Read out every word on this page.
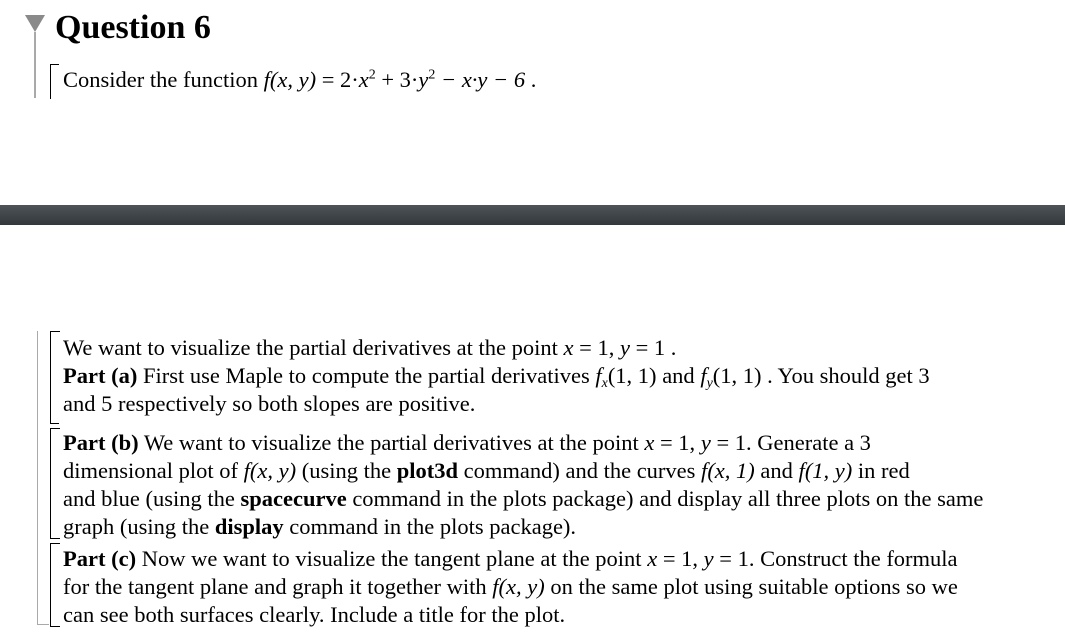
Question 6
Consider the function f(x, $y) = 2\cdot x^2 + 3\cdot y^2 - x\cdot y - 6$ .
We want to visualize the partial derivatives at the point x = 1, y = 1 .
Part (a) First use Maple to compute the partial derivatives $f_x(1$, 1) and $f_y(1$, 1) . You should get 3
and 5 respectively so both slopes are positive.
Part (b) We want to visualize the partial derivatives at the point x = 1, y = 1. Generate a 3
dimensional plot of f(x, y) (using the plot3d command) and the curves f(x, 1) and f(1, y) in red
and blue (using the spacecurve command in the plots package) and display all three plots on the same
graph (using the display command in the plots package).
Part (c) Now we want to visualize the tangent plane at the point x = 1, y = 1. Construct the formula
for the tangent plane and graph it together with f(x, y) on the same plot using suitable options so we
can see both surfaces clearly. Include a title for the plot.
